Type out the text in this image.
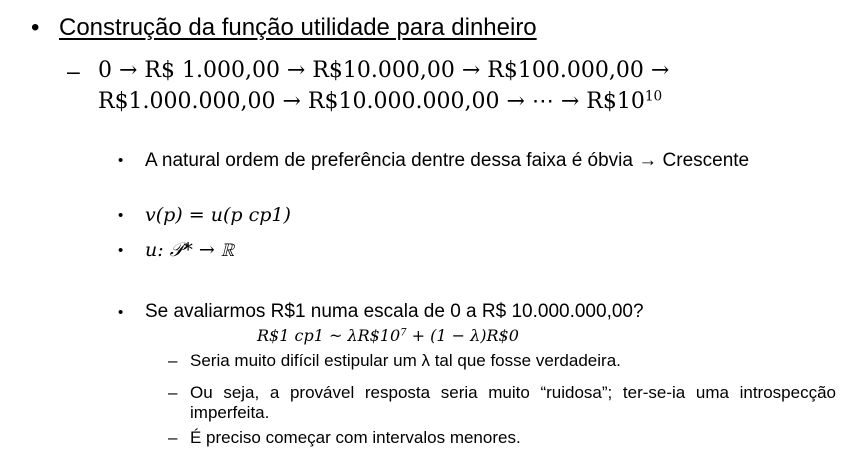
• Construção da função utilidade para dinheiro
– 0 → R$ 1.000,00 → R$10.000,00 → R$100.000,00 →
R$1.000.000,00 → R$10.000.000,00 → ⋯ → $R\$10^{10}$
• A natural ordem de preferência dentre dessa faixa é óbvia → Crescente
• v(p) = u(p cp1)
• u: 𝒫* → ℝ
• Se avaliarmos R$1 numa escala de 0 a R$ 10.000.000,00?
R$1 cp1 ~ $\lambda R\$10^7 + (1$ − λ)R$0
– Seria muito difícil estipular um λ tal que fosse verdadeira.
– Ou seja, a provável resposta seria muito “ruidosa”; ter-se-ia uma introspecção imperfeita.
– É preciso começar com intervalos menores.
